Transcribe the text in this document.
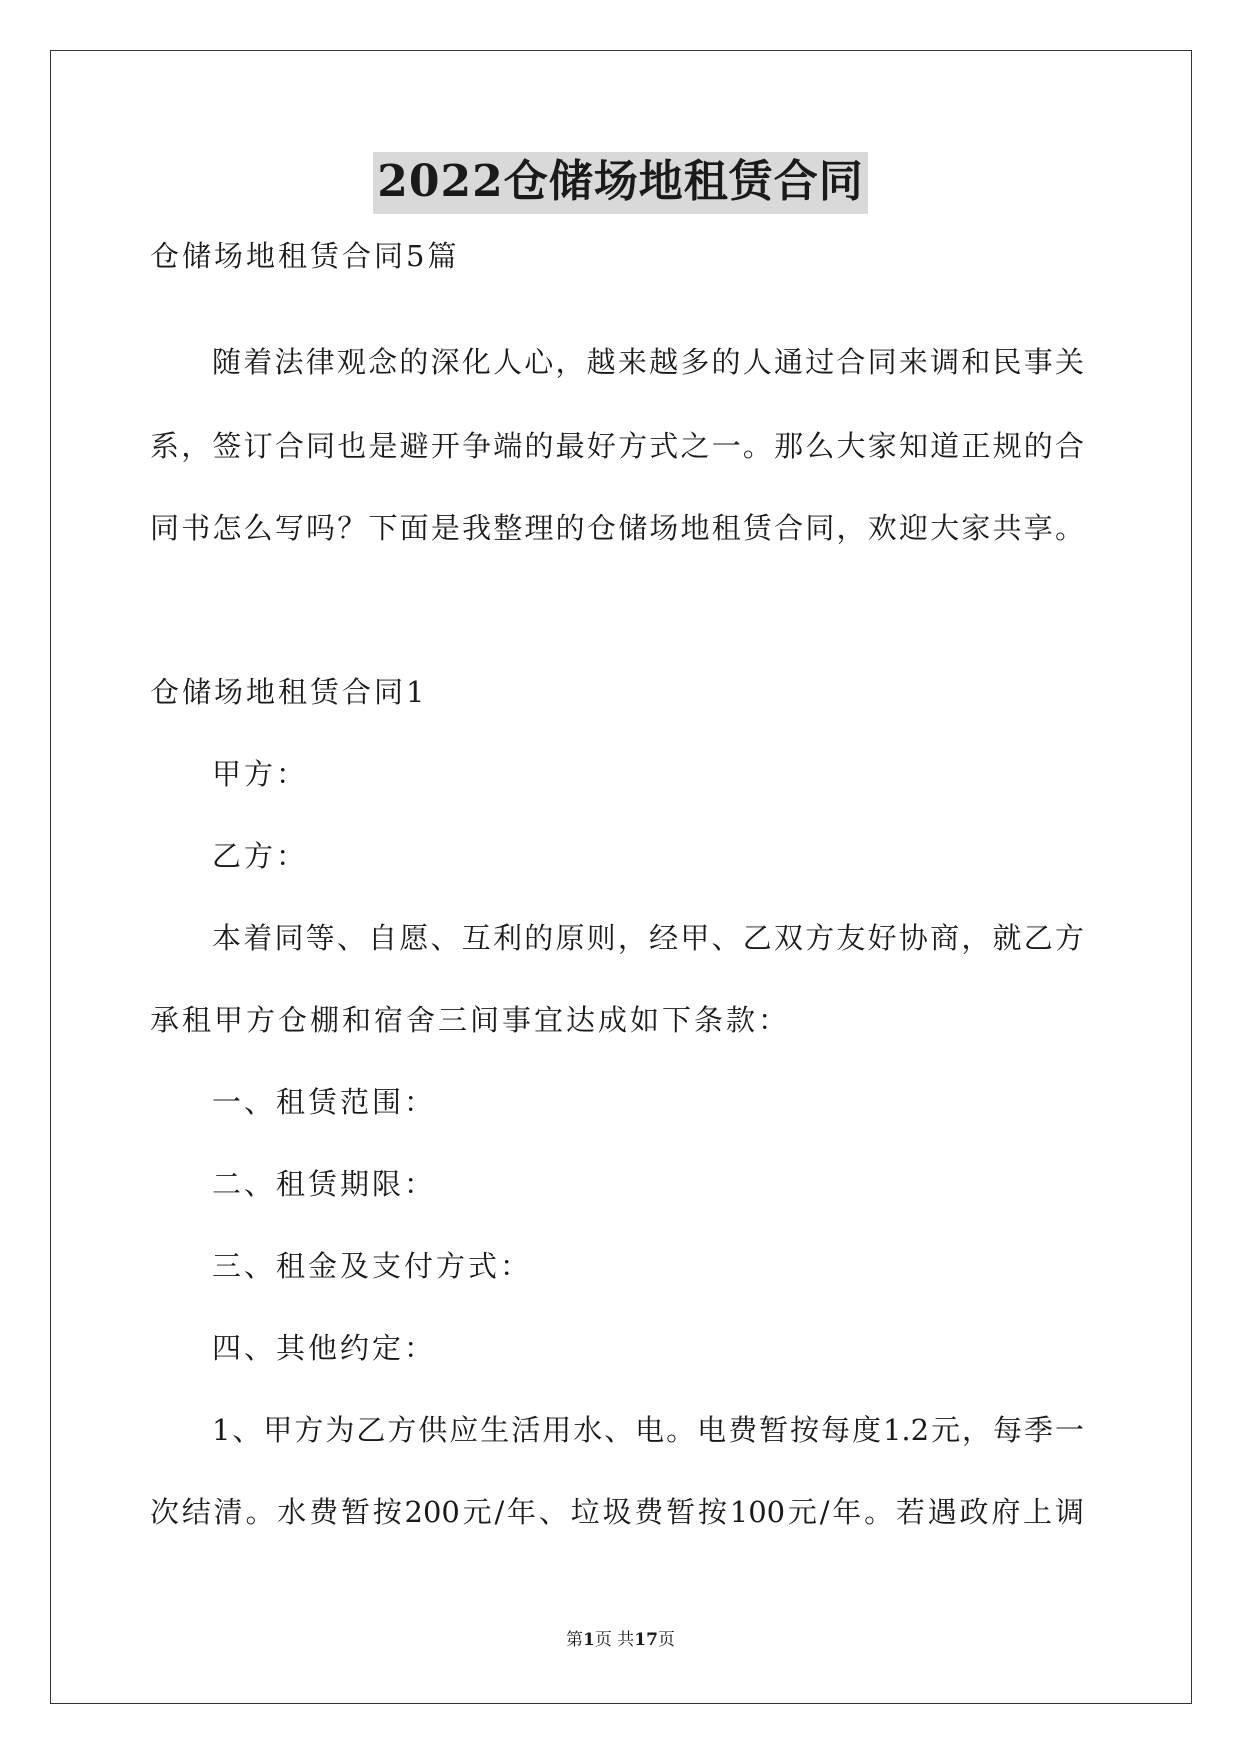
2022仓储场地租赁合同
仓储场地租赁合同5篇
随着法律观念的深化人心，越来越多的人通过合同来调和民事关
系，签订合同也是避开争端的最好方式之一。那么大家知道正规的合
同书怎么写吗？下面是我整理的仓储场地租赁合同，欢迎大家共享。
仓储场地租赁合同1
甲方：
乙方：
本着同等、自愿、互利的原则，经甲、乙双方友好协商，就乙方
承租甲方仓棚和宿舍三间事宜达成如下条款：
一、租赁范围：
二、租赁期限：
三、租金及支付方式：
四、其他约定：
1、甲方为乙方供应生活用水、电。电费暂按每度1.2元，每季一
次结清。水费暂按200元/年、垃圾费暂按100元/年。若遇政府上调
第1页 共17页
